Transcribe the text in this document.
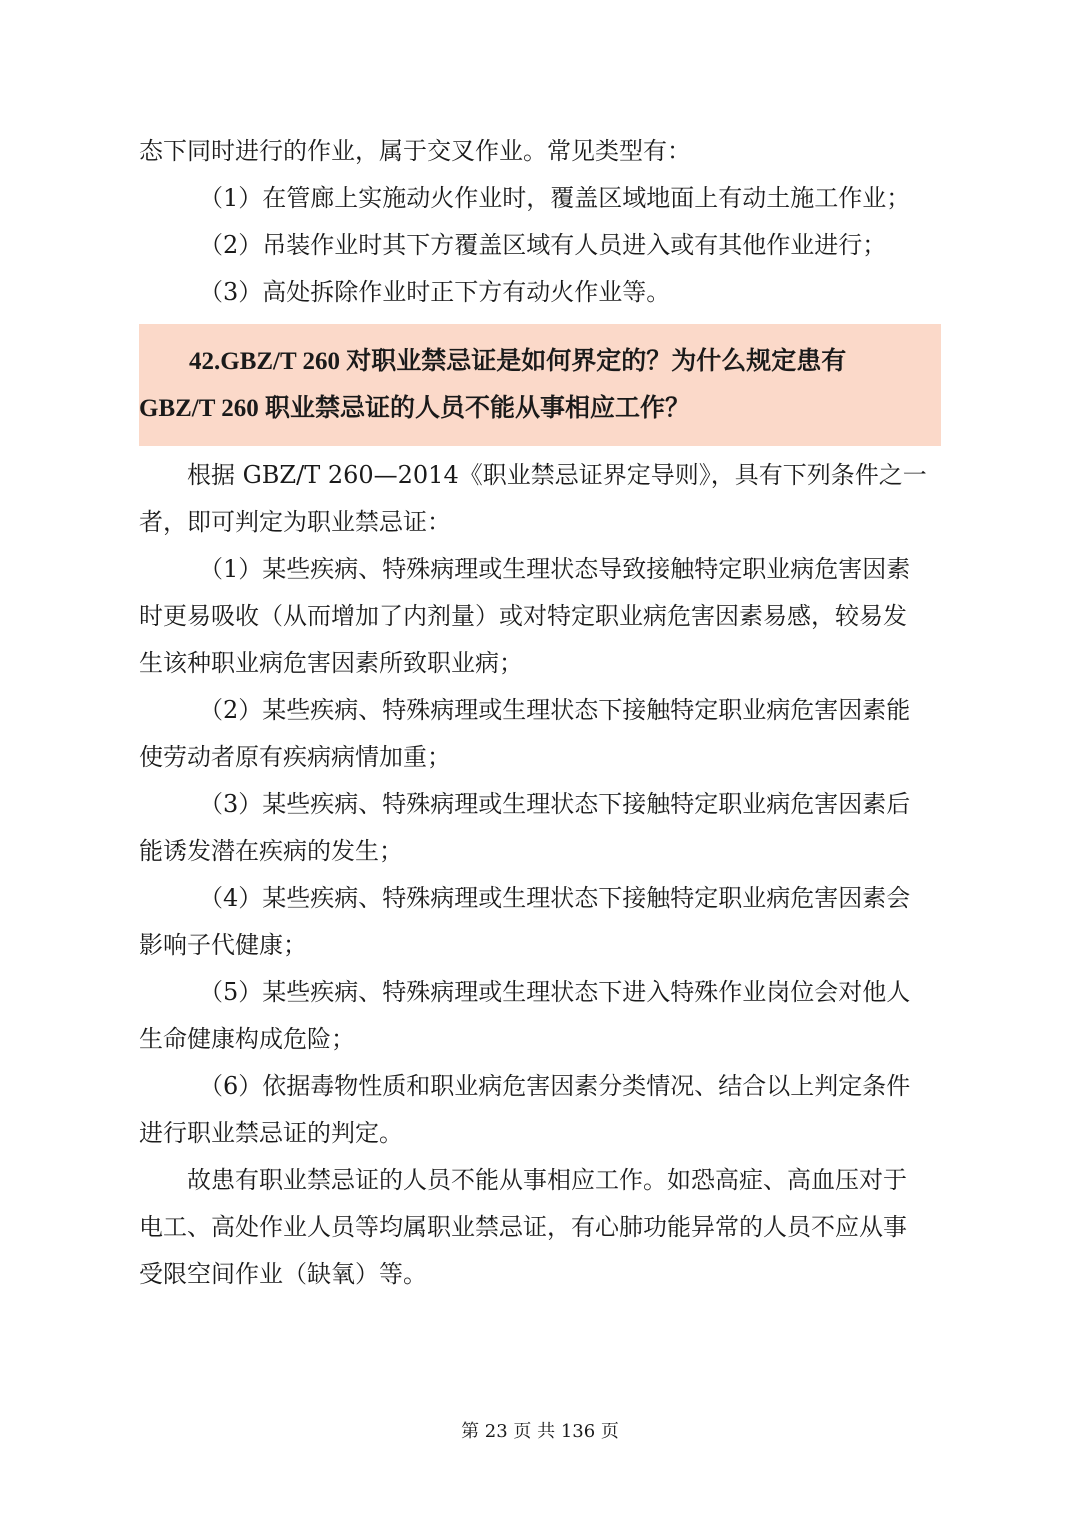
态下同时进行的作业，属于交叉作业。常见类型有：
（1）在管廊上实施动火作业时，覆盖区域地面上有动土施工作业；
（2）吊装作业时其下方覆盖区域有人员进入或有其他作业进行；
（3）高处拆除作业时正下方有动火作业等。
42.GBZ/T 260 对职业禁忌证是如何界定的？为什么规定患有
GBZ/T 260 职业禁忌证的人员不能从事相应工作？
根据 GBZ/T 260—2014《职业禁忌证界定导则》，具有下列条件之一
者，即可判定为职业禁忌证：
（1）某些疾病、特殊病理或生理状态导致接触特定职业病危害因素
时更易吸收（从而增加了内剂量）或对特定职业病危害因素易感，较易发
生该种职业病危害因素所致职业病；
（2）某些疾病、特殊病理或生理状态下接触特定职业病危害因素能
使劳动者原有疾病病情加重；
（3）某些疾病、特殊病理或生理状态下接触特定职业病危害因素后
能诱发潜在疾病的发生；
（4）某些疾病、特殊病理或生理状态下接触特定职业病危害因素会
影响子代健康；
（5）某些疾病、特殊病理或生理状态下进入特殊作业岗位会对他人
生命健康构成危险；
（6）依据毒物性质和职业病危害因素分类情况、结合以上判定条件
进行职业禁忌证的判定。
故患有职业禁忌证的人员不能从事相应工作。如恐高症、高血压对于
电工、高处作业人员等均属职业禁忌证，有心肺功能异常的人员不应从事
受限空间作业（缺氧）等。
第 23 页 共 136 页
